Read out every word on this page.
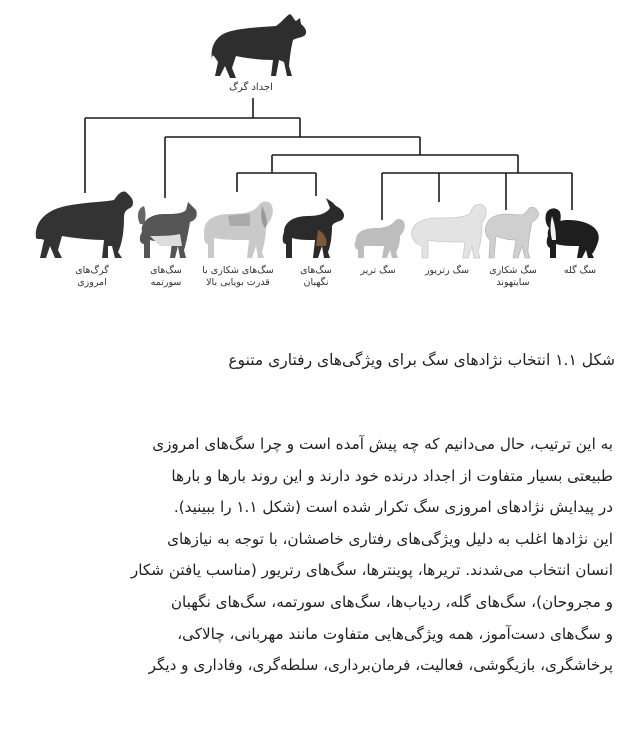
اجداد گرگ
گرگ‌های
امروزی
سگ‌های
سورتمه
سگ‌های شکاری با
قدرت بویایی بالا
سگ‌های
نگهبان
سگ تریر	سگ رتریور	سگ شکاری
سایتهوند
سگ گله
شکل ۱.۱ انتخاب نژادهای سگ برای ویژگی‌های رفتاری متنوع
به این ترتیب، حال می‌دانیم که چه پیش آمده است و چرا سگ‌های امروزی
طبیعتی بسیار متفاوت از اجداد درنده خود دارند و این روند بارها و بارها
در پیدایش نژادهای امروزی سگ تکرار شده است (شکل ۱.۱ را ببینید).
این نژادها اغلب به دلیل ویژگی‌های رفتاری خاصشان، با توجه به نیازهای
انسان انتخاب می‌شدند. تریرها، پوینترها، سگ‌های رتریور (مناسب یافتن شکار
و مجروحان)، سگ‌های گله، ردیاب‌ها، سگ‌های سورتمه، سگ‌های نگهبان
و سگ‌های دست‌آموز، همه ویژگی‌هایی متفاوت مانند مهربانی، چالاکی،
پرخاشگری، بازیگوشی، فعالیت، فرمان‌برداری، سلطه‌گری، وفاداری و دیگر
